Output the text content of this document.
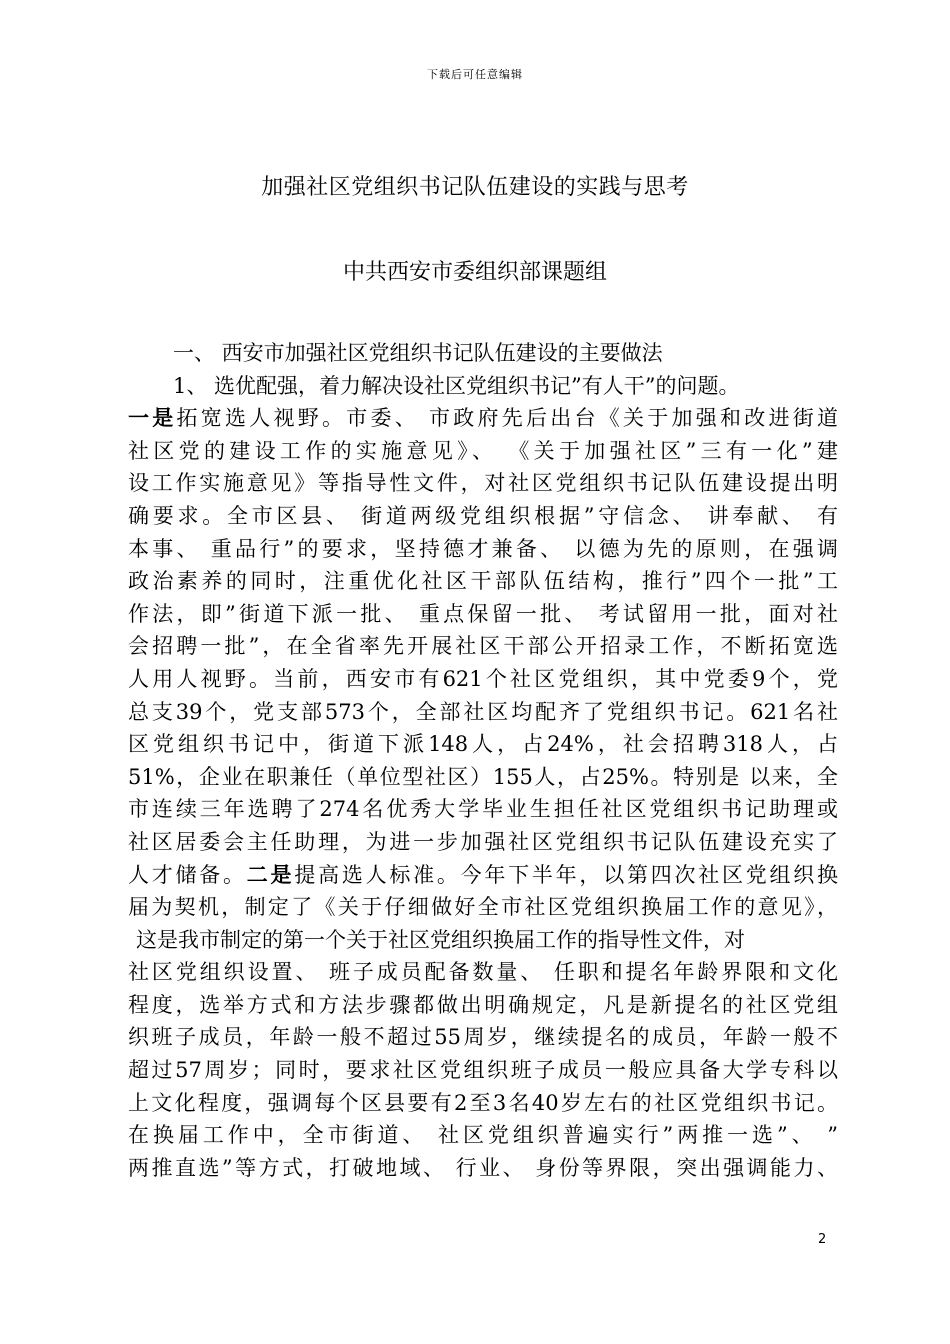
下载后可任意编辑
加强社区党组织书记队伍建设的实践与思考
中共西安市委组织部课题组
一、 西安市加强社区党组织书记队伍建设的主要做法
1、 选优配强，着力解决设社区党组织书记”有人干”的问题。
一是拓宽选人视野。市委、 市政府先后出台《关于加强和改进街道
社区党的建设工作的实施意见》、 《关于加强社区”三有一化”建
设工作实施意见》等指导性文件，对社区党组织书记队伍建设提出明
确要求。全市区县、 街道两级党组织根据”守信念、 讲奉献、 有
本事、 重品行”的要求，坚持德才兼备、 以德为先的原则，在强调
政治素养的同时，注重优化社区干部队伍结构，推行”四个一批”工
作法，即”街道下派一批、 重点保留一批、 考试留用一批，面对社
会招聘一批”，在全省率先开展社区干部公开招录工作，不断拓宽选
人用人视野。当前，西安市有621个社区党组织，其中党委9个，党
总支39个，党支部573个，全部社区均配齐了党组织书记。621名社
区党组织书记中，街道下派148人，占24%，社会招聘318人，占
51%，企业在职兼任（单位型社区）155人，占25%。特别是 以来，全
市连续三年选聘了274名优秀大学毕业生担任社区党组织书记助理或
社区居委会主任助理，为进一步加强社区党组织书记队伍建设充实了
人才储备。二是提高选人标准。今年下半年，以第四次社区党组织换
届为契机，制定了《关于仔细做好全市社区党组织换届工作的意见》，
这是我市制定的第一个关于社区党组织换届工作的指导性文件，对
社区党组织设置、 班子成员配备数量、 任职和提名年龄界限和文化
程度，选举方式和方法步骤都做出明确规定，凡是新提名的社区党组
织班子成员，年龄一般不超过55周岁，继续提名的成员，年龄一般不
超过57周岁；同时，要求社区党组织班子成员一般应具备大学专科以
上文化程度，强调每个区县要有2至3名40岁左右的社区党组织书记。
在换届工作中，全市街道、 社区党组织普遍实行”两推一选”、 ”
两推直选”等方式，打破地域、 行业、 身份等界限，突出强调能力、
2
